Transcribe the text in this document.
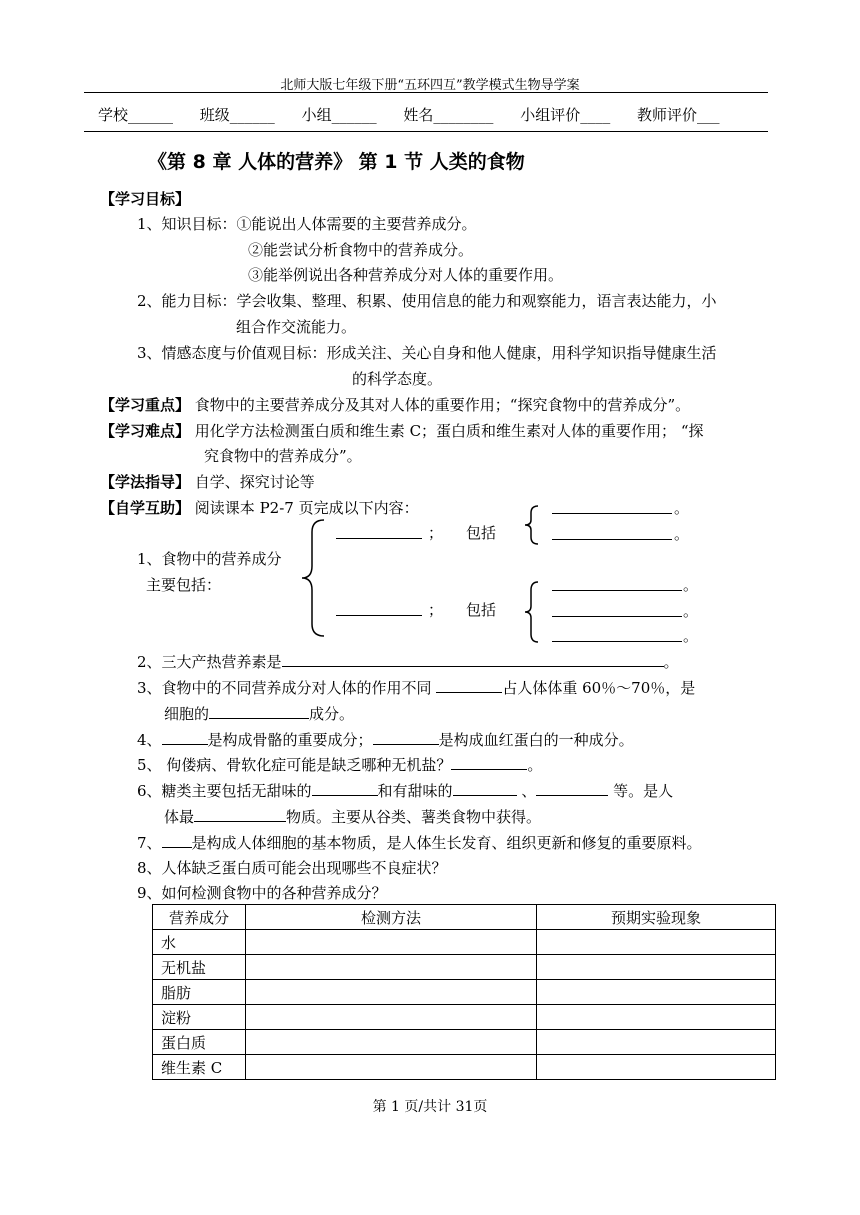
北师大版七年级下册“五环四互”教学模式生物导学案
学校______ 班级______ 小组______ 姓名________ 小组评价____ 教师评价___
《第 8 章 人体的营养》 第 1 节 人类的食物
【学习目标】
1、知识目标：①能说出人体需要的主要营养成分。
②能尝试分析食物中的营养成分。
③能举例说出各种营养成分对人体的重要作用。
2、能力目标：学会收集、整理、积累、使用信息的能力和观察能力，语言表达能力，小
组合作交流能力。
3、情感态度与价值观目标：形成关注、关心自身和他人健康，用科学知识指导健康生活
的科学态度。
【学习重点】 食物中的主要营养成分及其对人体的重要作用；“探究食物中的营养成分”。
【学习难点】 用化学方法检测蛋白质和维生素 C；蛋白质和维生素对人体的重要作用； “探
究食物中的营养成分”。
【学法指导】 自学、探究讨论等
【自学互助】 阅读课本 P2-7 页完成以下内容：
1、食物中的营养成分
主要包括：
； 包括
。
。
； 包括
。
。
。
2、三大产热营养素是	。
3、食物中的不同营养成分对人体的作用不同	占人体体重 60％～70％，是
细胞的	成分。
4、	是构成骨骼的重要成分；	是构成血红蛋白的一种成分。
5、 佝偻病、骨软化症可能是缺乏哪种无机盐？	。
6、糖类主要包括无甜味的	和有甜味的	、	等。是人
体最	物质。主要从谷类、薯类食物中获得。
7、 是构成人体细胞的基本物质，是人体生长发育、组织更新和修复的重要原料。
8、人体缺乏蛋白质可能会出现哪些不良症状？
9、如何检测食物中的各种营养成分？
营养成分	检测方法	预期实验现象
水		
无机盐		
脂肪		
淀粉		
蛋白质		
维生素 C		
第 1 页/共计 31页
